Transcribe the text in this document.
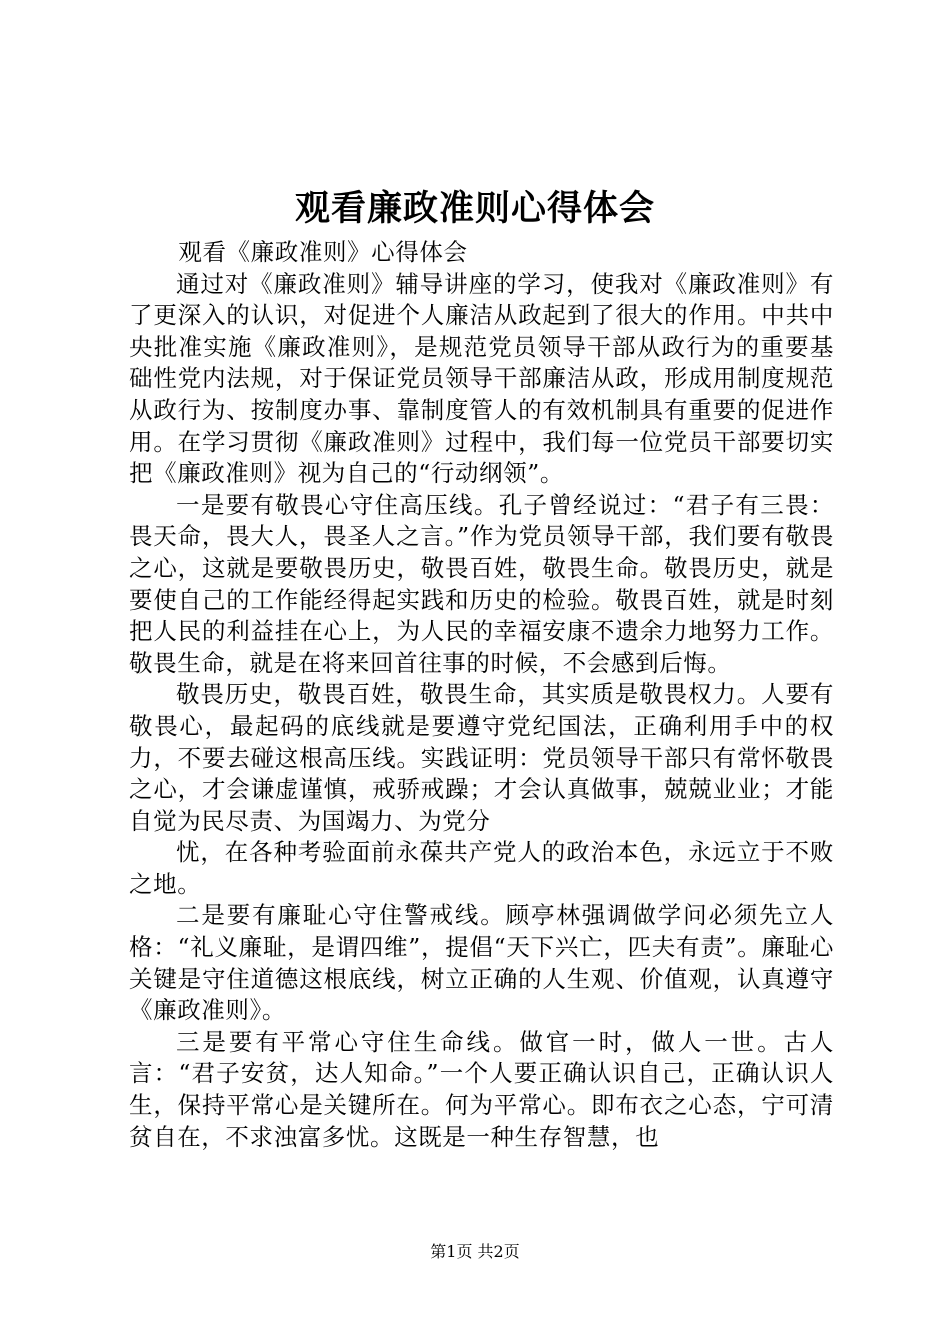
观看廉政准则心得体会

观看《廉政准则》心得体会

通过对《廉政准则》辅导讲座的学习，使我对《廉政准则》有了更深入的认识，对促进个人廉洁从政起到了很大的作用。中共中央批准实施《廉政准则》，是规范党员领导干部从政行为的重要基础性党内法规，对于保证党员领导干部廉洁从政，形成用制度规范从政行为、按制度办事、靠制度管人的有效机制具有重要的促进作用。在学习贯彻《廉政准则》过程中，我们每一位党员干部要切实把《廉政准则》视为自己的“行动纲领”。

一是要有敬畏心守住高压线。孔子曾经说过：“君子有三畏：畏天命，畏大人，畏圣人之言。”作为党员领导干部，我们要有敬畏之心，这就是要敬畏历史，敬畏百姓，敬畏生命。敬畏历史，就是要使自己的工作能经得起实践和历史的检验。敬畏百姓，就是时刻把人民的利益挂在心上，为人民的幸福安康不遗余力地努力工作。敬畏生命，就是在将来回首往事的时候，不会感到后悔。

敬畏历史，敬畏百姓，敬畏生命，其实质是敬畏权力。人要有敬畏心，最起码的底线就是要遵守党纪国法，正确利用手中的权力，不要去碰这根高压线。实践证明：党员领导干部只有常怀敬畏之心，才会谦虚谨慎，戒骄戒躁；才会认真做事，兢兢业业；才能自觉为民尽责、为国竭力、为党分

忧，在各种考验面前永葆共产党人的政治本色，永远立于不败之地。

二是要有廉耻心守住警戒线。顾亭林强调做学问必须先立人格：“礼义廉耻，是谓四维”，提倡“天下兴亡，匹夫有责”。廉耻心关键是守住道德这根底线，树立正确的人生观、价值观，认真遵守《廉政准则》。

三是要有平常心守住生命线。做官一时，做人一世。古人言：“君子安贫，达人知命。”一个人要正确认识自己，正确认识人生，保持平常心是关键所在。何为平常心。即布衣之心态，宁可清贫自在，不求浊富多忧。这既是一种生存智慧，也

第1页 共2页
